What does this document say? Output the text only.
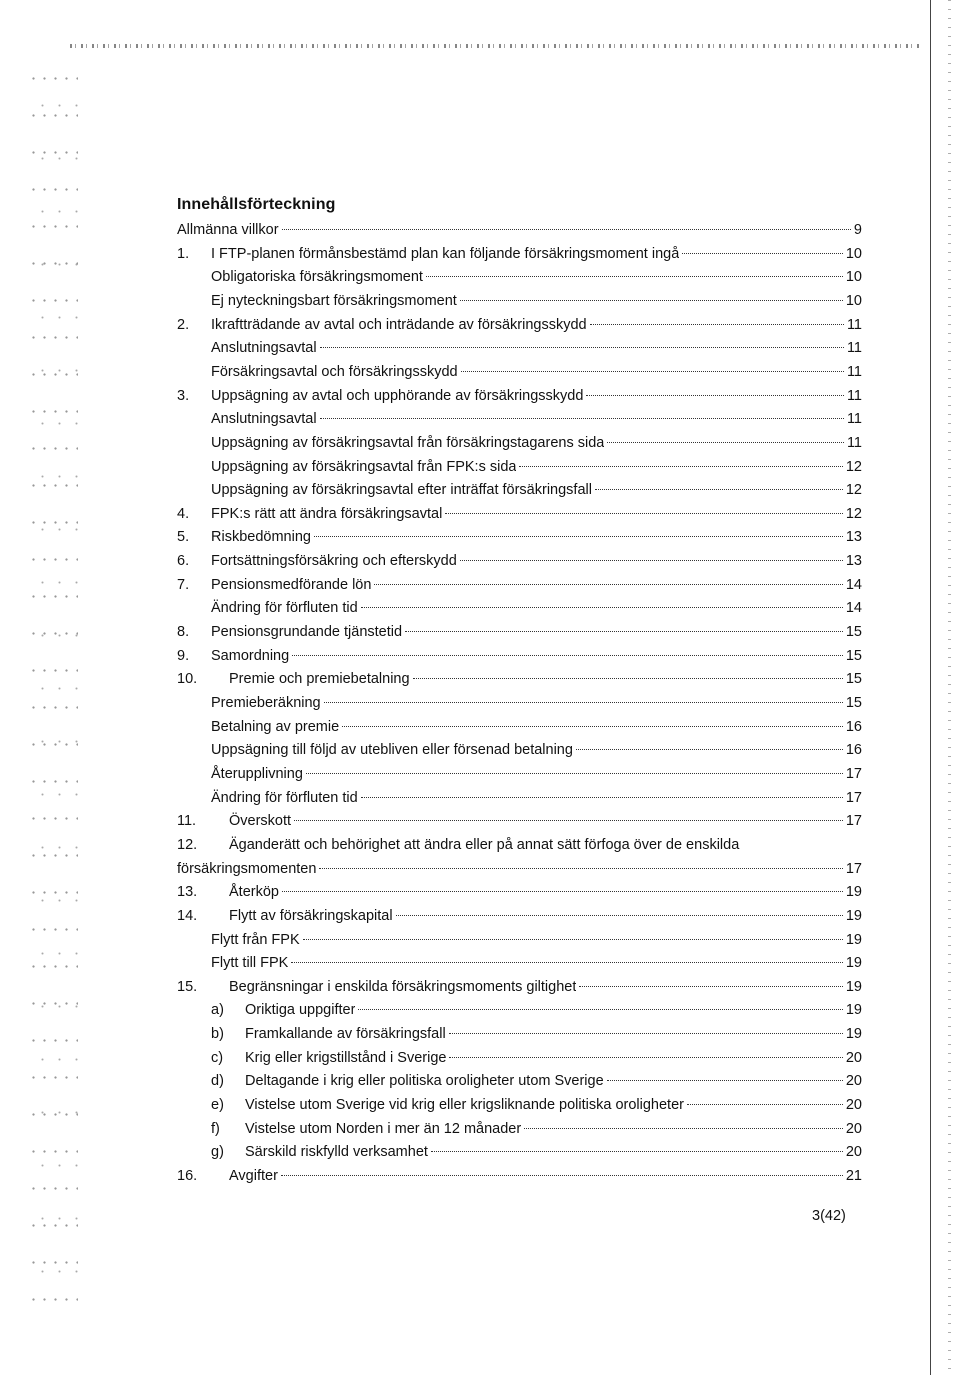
Innehållsförteckning
Allmänna villkor	9
1.	I FTP-planen förmånsbestämd plan kan följande försäkringsmoment ingå	10
Obligatoriska försäkringsmoment	10
Ej nyteckningsbart försäkringsmoment	10
2.	Ikraftträdande av avtal och inträdande av försäkringsskydd	11
Anslutningsavtal	11
Försäkringsavtal och försäkringsskydd	11
3.	Uppsägning av avtal och upphörande av försäkringsskydd	11
Anslutningsavtal	11
Uppsägning av försäkringsavtal från försäkringstagarens sida	11
Uppsägning av försäkringsavtal från FPK:s sida	12
Uppsägning av försäkringsavtal efter inträffat försäkringsfall	12
4.	FPK:s rätt att ändra försäkringsavtal	12
5.	Riskbedömning	13
6.	Fortsättningsförsäkring och efterskydd	13
7.	Pensionsmedförande lön	14
Ändring för förfluten tid	14
8.	Pensionsgrundande tjänstetid	15
9.	Samordning	15
10.	Premie och premiebetalning	15
Premieberäkning	15
Betalning av premie	16
Uppsägning till följd av utebliven eller försenad betalning	16
Återupplivning	17
Ändring för förfluten tid	17
11.	Överskott	17
12. Äganderätt och behörighet att ändra eller på annat sätt förfoga över de enskilda
försäkringsmomenten	17
13.	Återköp	19
14.	Flytt av försäkringskapital	19
Flytt från FPK	19
Flytt till FPK	19
15.	Begränsningar i enskilda försäkringsmoments giltighet	19
a)	Oriktiga uppgifter	19
b)	Framkallande av försäkringsfall	19
c)	Krig eller krigstillstånd i Sverige	20
d)	Deltagande i krig eller politiska oroligheter utom Sverige	20
e)	Vistelse utom Sverige vid krig eller krigsliknande politiska oroligheter	20
f)	Vistelse utom Norden i mer än 12 månader	20
g)	Särskild riskfylld verksamhet	20
16.	Avgifter	21
3(42)
